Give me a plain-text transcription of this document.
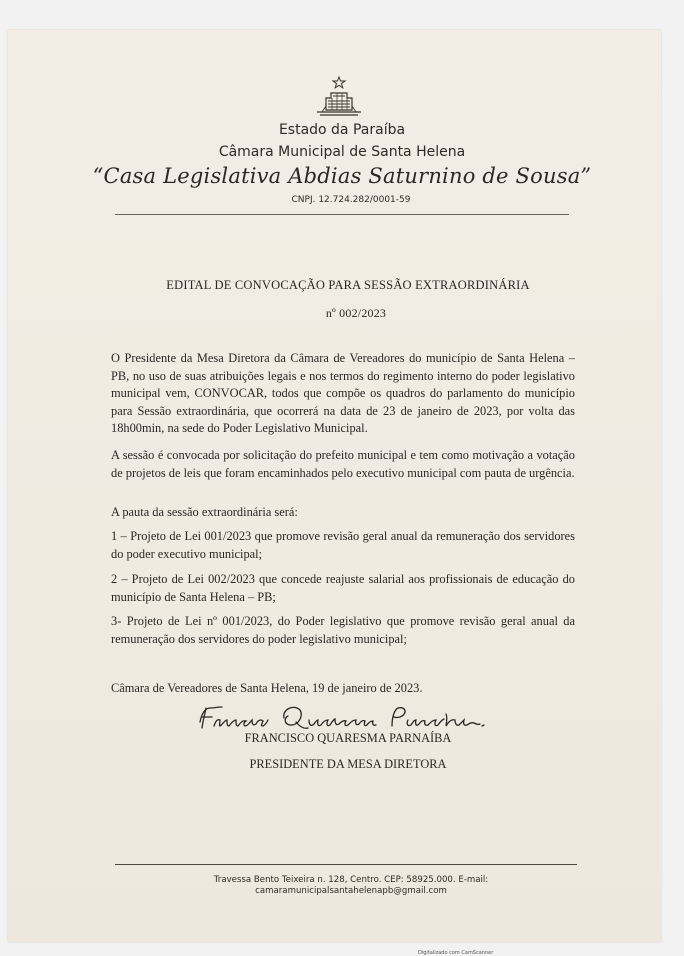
Estado da Paraíba
Câmara Municipal de Santa Helena
“Casa Legislativa Abdias Saturnino de Sousa”
CNPJ. 12.724.282/0001-59
EDITAL DE CONVOCAÇÃO PARA SESSÃO EXTRAORDINÁRIA
nº 002/2023
O Presidente da Mesa Diretora da Câmara de Vereadores do município de Santa Helena – PB, no uso de suas atribuições legais e nos termos do regimento interno do poder legislativo municipal vem, CONVOCAR, todos que compõe os quadros do parlamento do município para Sessão extraordinária, que ocorrerá na data de 23 de janeiro de 2023, por volta das 18h00min, na sede do Poder Legislativo Municipal.
A sessão é convocada por solicitação do prefeito municipal e tem como motivação a votação de projetos de leis que foram encaminhados pelo executivo municipal com pauta de urgência.
A pauta da sessão extraordinária será:
1 – Projeto de Lei 001/2023 que promove revisão geral anual da remuneração dos servidores do poder executivo municipal;
2 – Projeto de Lei 002/2023 que concede reajuste salarial aos profissionais de educação do município de Santa Helena – PB;
3- Projeto de Lei nº 001/2023, do Poder legislativo que promove revisão geral anual da remuneração dos servidores do poder legislativo municipal;
Câmara de Vereadores de Santa Helena, 19 de janeiro de 2023.
FRANCISCO QUARESMA PARNAÍBA
PRESIDENTE DA MESA DIRETORA
Travessa Bento Teixeira n. 128, Centro. CEP: 58925.000. E-mail:
camaramunicipalsantahelenapb@gmail.com
Digitalizado com CamScanner
